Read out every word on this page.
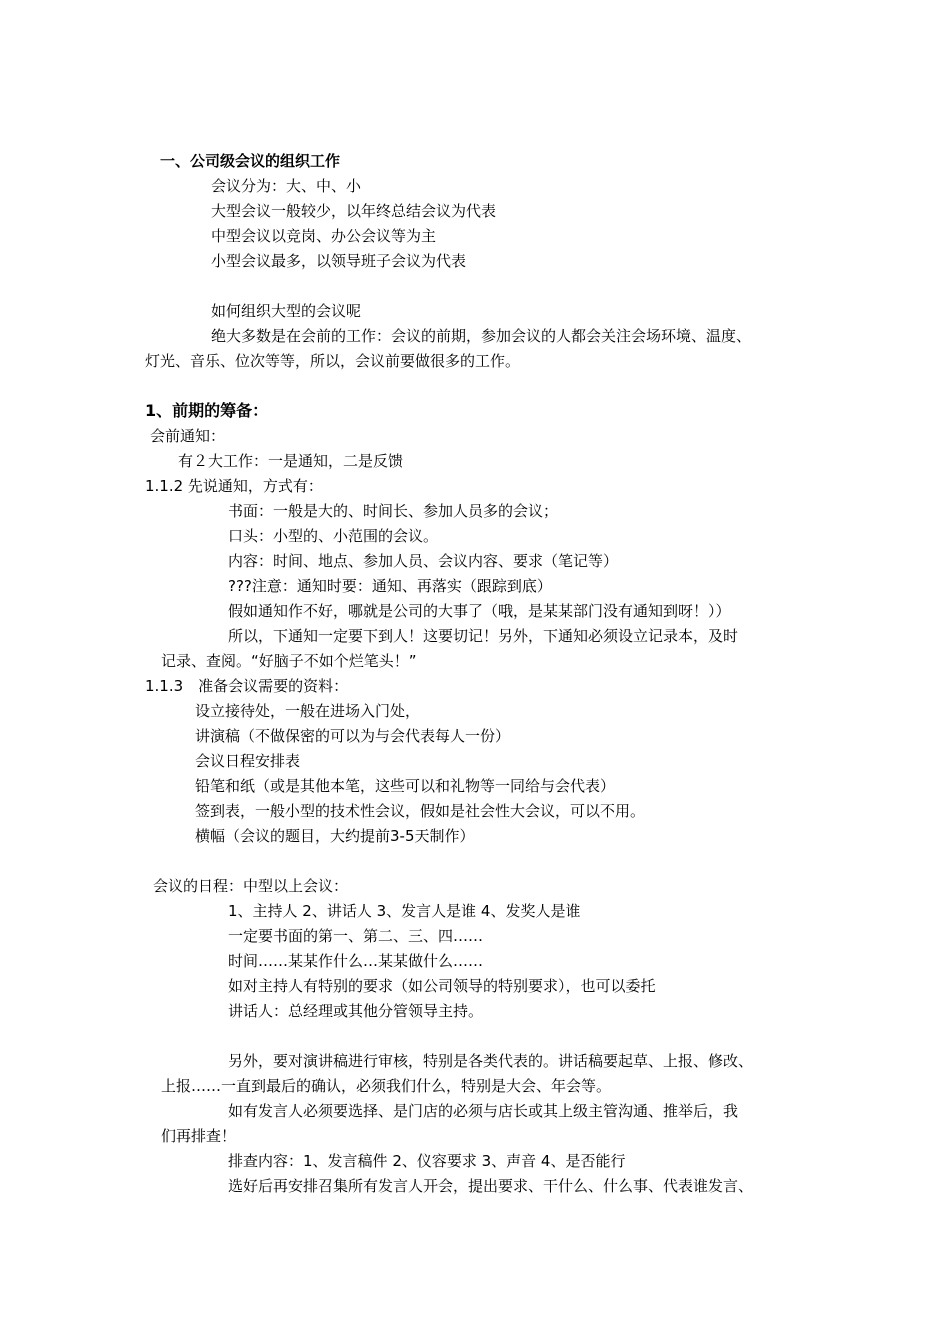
一、公司级会议的组织工作
会议分为：大、中、小
大型会议一般较少，以年终总结会议为代表
中型会议以竞岗、办公会议等为主
小型会议最多，以领导班子会议为代表
如何组织大型的会议呢
绝大多数是在会前的工作：会议的前期，参加会议的人都会关注会场环境、温度、
灯光、音乐、位次等等，所以，会议前要做很多的工作。
1、前期的筹备：
会前通知：
有２大工作：一是通知，二是反馈
1.1.2 先说通知，方式有：
书面：一般是大的、时间长、参加人员多的会议；
口头：小型的、小范围的会议。
内容：时间、地点、参加人员、会议内容、要求（笔记等）
???注意：通知时要：通知、再落实（跟踪到底）
假如通知作不好，哪就是公司的大事了（哦，是某某部门没有通知到呀！））
所以，下通知一定要下到人！这要切记！另外，下通知必须设立记录本，及时
记录、查阅。“好脑子不如个烂笔头！”
1.1.3　准备会议需要的资料：
设立接待处，一般在进场入门处，
讲演稿（不做保密的可以为与会代表每人一份）
会议日程安排表
铅笔和纸（或是其他本笔，这些可以和礼物等一同给与会代表）
签到表，一般小型的技术性会议，假如是社会性大会议，可以不用。
横幅（会议的题目，大约提前3-5天制作）
会议的日程：中型以上会议：
1、主持人 2、讲话人 3、发言人是谁 4、发奖人是谁
一定要书面的第一、第二、三、四……
时间……某某作什么…某某做什么……
如对主持人有特别的要求（如公司领导的特别要求），也可以委托
讲话人：总经理或其他分管领导主持。
另外，要对演讲稿进行审核，特别是各类代表的。讲话稿要起草、上报、修改、
上报……一直到最后的确认，必须我们什么，特别是大会、年会等。
如有发言人必须要选择、是门店的必须与店长或其上级主管沟通、推举后，我
们再排查！
排查内容：1、发言稿件 2、仪容要求 3、声音 4、是否能行
选好后再安排召集所有发言人开会，提出要求、干什么、什么事、代表谁发言、
